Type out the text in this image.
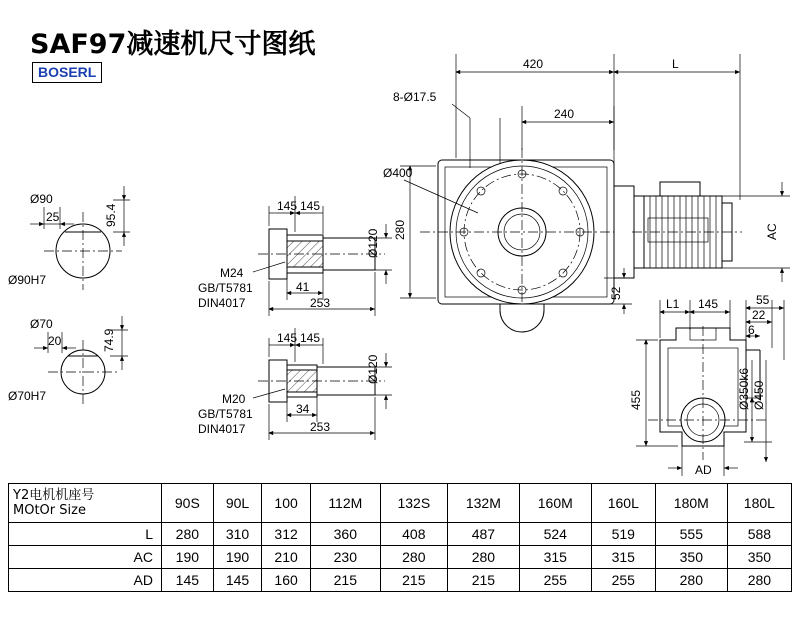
SAF97减速机尺寸图纸
BOSERL
Ø90
25	95.4
Ø90H7
Ø70
20	74.9
Ø70H7
145 145
Ø120
M24
GB/T5781
DIN4017
41
253
145 145
Ø120
M20
GB/T5781
DIN4017
34
253
420	L
8-Ø17.5
240
Ø400
280
52
AC
L1 145	55
22
6
455	Ø350k6 Ø450
AD
Y2电机机座号
MOtOr Size	90S	90L	100	112M	132S	132M	160M	160L	180M	180L
L	280	310	312	360	408	487	524	519	555	588
AC	190	190	210	230	280	280	315	315	350	350
AD	145	145	160	215	215	215	255	255	280	280
